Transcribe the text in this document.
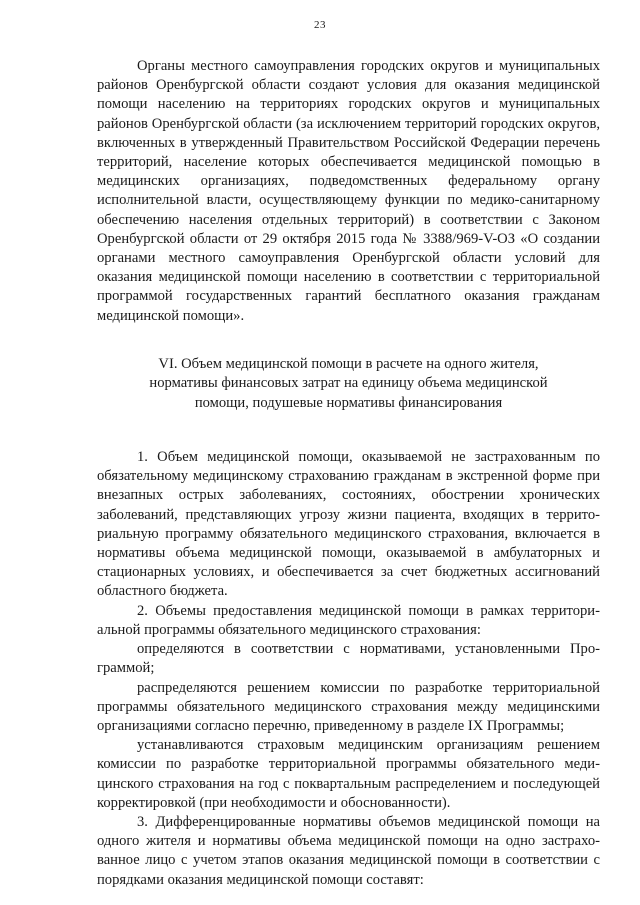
23

Органы местного самоуправления городских округов и муниципальных районов Оренбургской области создают условия для оказания медицинской помощи населению на территориях городских округов и муниципальных районов Оренбургской области (за исключением территорий городских округов, включенных в утвержденный Правительством Российской Федерации перечень территорий, население которых обеспечивается медицинской помощью в медицинских организациях, подведомственных федеральному органу исполнительной власти, осуществляющему функции по медико-санитарному обеспечению населения отдельных территорий) в соответствии с Законом Оренбургской области от 29 октября 2015 года № 3388/969-V-ОЗ «О создании органами местного самоуправления Оренбургской области условий для оказания медицинской помощи населению в соответствии с территориальной программой государственных гарантий бесплатного оказания гражданам медицинской помощи».

VI. Объем медицинской помощи в расчете на одного жителя,
нормативы финансовых затрат на единицу объема медицинской
помощи, подушевые нормативы финансирования

1. Объем медицинской помощи, оказываемой не застрахованным по обязательному медицинскому страхованию гражданам в экстренной форме при внезапных острых заболеваниях, состояниях, обострении хронических заболеваний, представляющих угрозу жизни пациента, входящих в территориальную программу обязательного медицинского страхования, включается в нормативы объема медицинской помощи, оказываемой в амбулаторных и стационарных условиях, и обеспечивается за счет бюджетных ассигнований областного бюджета.

2. Объемы предоставления медицинской помощи в рамках территориальной программы обязательного медицинского страхования:

определяются в соответствии с нормативами, установленными Программой;

распределяются решением комиссии по разработке территориальной программы обязательного медицинского страхования между медицинскими организациями согласно перечню, приведенному в разделе IX Программы;

устанавливаются страховым медицинским организациям решением комиссии по разработке территориальной программы обязательного медицинского страхования на год с поквартальным распределением и последующей корректировкой (при необходимости и обоснованности).

3. Дифференцированные нормативы объемов медицинской помощи на одного жителя и нормативы объема медицинской помощи на одно застрахованное лицо с учетом этапов оказания медицинской помощи в соответствии с порядками оказания медицинской помощи составят:
